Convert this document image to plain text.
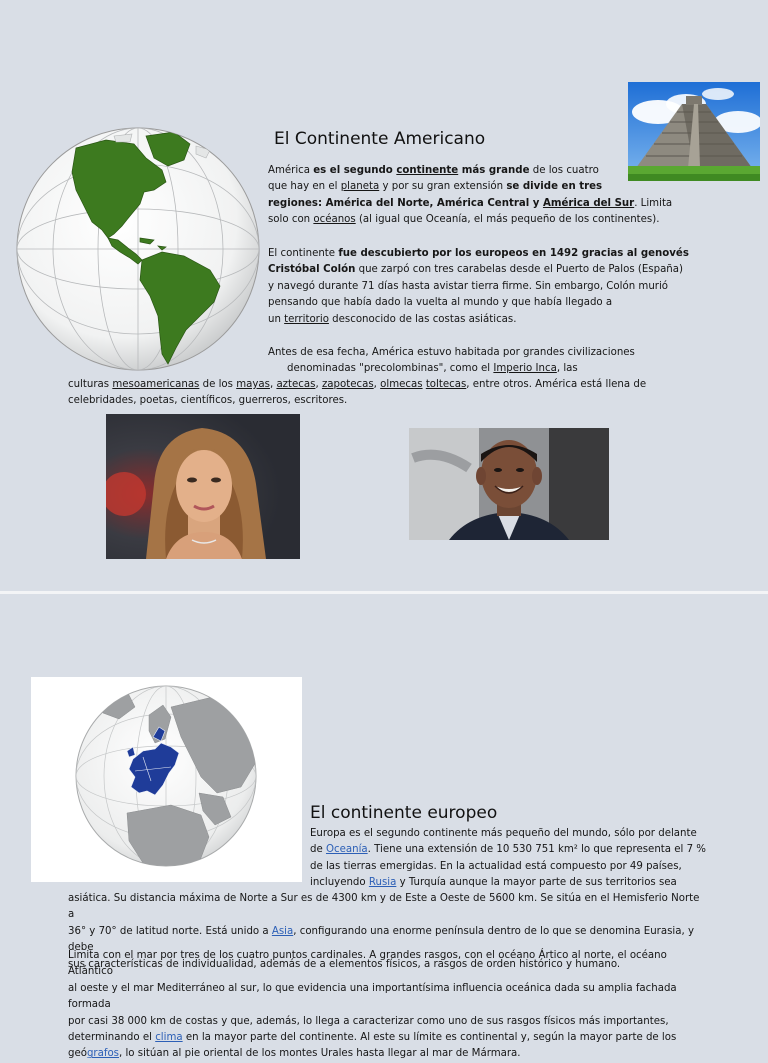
El Continente Americano
América es el segundo continente más grande de los cuatro
que hay en el planeta y por su gran extensión se divide en tres
regiones: América del Norte, América Central y América del Sur. Limita
solo con océanos (al igual que Oceanía, el más pequeño de los continentes).
El continente fue descubierto por los europeos en 1492 gracias al genovés
Cristóbal Colón que zarpó con tres carabelas desde el Puerto de Palos (España)
y navegó durante 71 días hasta avistar tierra firme. Sin embargo, Colón murió
pensando que había dado la vuelta al mundo y que había llegado a
un territorio desconocido de las costas asiáticas.
Antes de esa fecha, América estuvo habitada por grandes civilizaciones
denominadas "precolombinas", como el Imperio Inca, las
culturas mesoamericanas de los mayas, aztecas, zapotecas, olmecas toltecas, entre otros. América está llena de
celebridades, poetas, científicos, guerreros, escritores.
El continente europeo
Europa es el segundo continente más pequeño del mundo, sólo por delante
de Oceanía. Tiene una extensión de 10 530 751 km² lo que representa el 7 %
de las tierras emergidas. En la actualidad está compuesto por 49 países,
incluyendo Rusia y Turquía aunque la mayor parte de sus territorios sea
asiática. Su distancia máxima de Norte a Sur es de 4300 km y de Este a Oeste de 5600 km. Se sitúa en el Hemisferio Norte a
36° y 70° de latitud norte. Está unido a Asia, configurando una enorme península dentro de lo que se denomina Eurasia, y debe
sus características de individualidad, además de a elementos físicos, a rasgos de orden histórico y humano.
Limita con el mar por tres de los cuatro puntos cardinales. A grandes rasgos, con el océano Ártico al norte, el océano Atlántico
al oeste y el mar Mediterráneo al sur, lo que evidencia una importantísima influencia oceánica dada su amplia fachada formada
por casi 38 000 km de costas y que, además, lo llega a caracterizar como uno de sus rasgos físicos más importantes,
determinando el clima en la mayor parte del continente. Al este su límite es continental y, según la mayor parte de los
geógrafos, lo sitúan al pie oriental de los montes Urales hasta llegar al mar de Mármara.
